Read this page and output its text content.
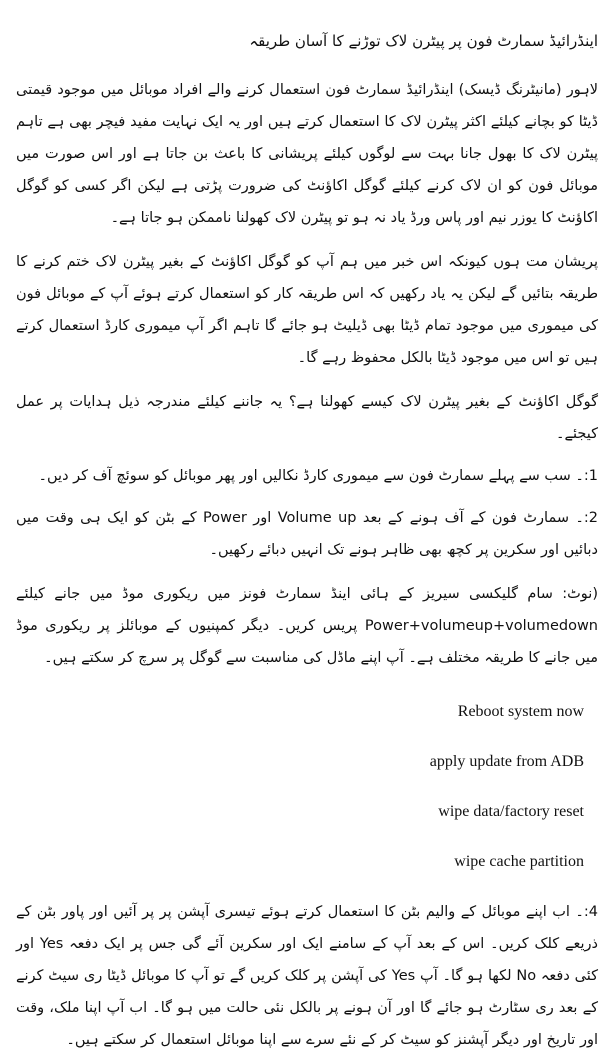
اینڈرائیڈ سمارٹ فون پر پیٹرن لاک توڑنے کا آسان طریقہ

لاہور (مانیٹرنگ ڈیسک) اینڈرائیڈ سمارٹ فون استعمال کرنے والے افراد موبائل میں موجود قیمتی ڈیٹا کو بچانے کیلئے اکثر پیٹرن لاک کا استعمال کرتے ہیں اور یہ ایک نہایت مفید فیچر بھی ہے تاہم پیٹرن لاک کا بھول جانا بہت سے لوگوں کیلئے پریشانی کا باعث بن جاتا ہے اور اس صورت میں موبائل فون کو ان لاک کرنے کیلئے گوگل اکاؤنٹ کی ضرورت پڑتی ہے لیکن اگر کسی کو گوگل اکاؤنٹ کا یوزر نیم اور پاس ورڈ یاد نہ ہو تو پیٹرن لاک کھولنا ناممکن ہو جاتا ہے۔

پریشان مت ہوں کیونکہ اس خبر میں ہم آپ کو گوگل اکاؤنٹ کے بغیر پیٹرن لاک ختم کرنے کا طریقہ بتائیں گے لیکن یہ یاد رکھیں کہ اس طریقہ کار کو استعمال کرتے ہوئے آپ کے موبائل فون کی میموری میں موجود تمام ڈیٹا بھی ڈیلیٹ ہو جائے گا تاہم اگر آپ میموری کارڈ استعمال کرتے ہیں تو اس میں موجود ڈیٹا بالکل محفوظ رہے گا۔

گوگل اکاؤنٹ کے بغیر پیٹرن لاک کیسے کھولنا ہے؟ یہ جاننے کیلئے مندرجہ ذیل ہدایات پر عمل کیجئے۔

1:۔ سب سے پہلے سمارٹ فون سے میموری کارڈ نکالیں اور پھر موبائل کو سوئچ آف کر دیں۔

2:۔ سمارٹ فون کے آف ہونے کے بعد Volume up اور Power کے بٹن کو ایک ہی وقت میں دبائیں اور سکرین پر کچھ بھی ظاہر ہونے تک انہیں دبائے رکھیں۔

(نوٹ: سام گلیکسی سیریز کے ہائی اینڈ سمارٹ فونز میں ریکوری موڈ میں جانے کیلئے Power+volumeup+volumedown پریس کریں۔ دیگر کمپنیوں کے موبائلز پر ریکوری موڈ میں جانے کا طریقہ مختلف ہے۔ آپ اپنے ماڈل کی مناسبت سے گوگل پر سرچ کر سکتے ہیں۔

Reboot system now
apply update from ADB
wipe data/factory reset
wipe cache partition

4:۔ اب اپنے موبائل کے والیم بٹن کا استعمال کرتے ہوئے تیسری آپشن پر پر آئیں اور پاور بٹن کے ذریعے کلک کریں۔ اس کے بعد آپ کے سامنے ایک اور سکرین آئے گی جس پر ایک دفعہ Yes اور کئی دفعہ No لکھا ہو گا۔ آپ Yes کی آپشن پر کلک کریں گے تو آپ کا موبائل ڈیٹا ری سیٹ کرنے کے بعد ری سٹارٹ ہو جائے گا اور آن ہونے پر بالکل نئی حالت میں ہو گا۔ اب آپ اپنا ملک، وقت اور تاریخ اور دیگر آپشنز کو سیٹ کر کے نئے سرے سے اپنا موبائل استعمال کر سکتے ہیں۔
